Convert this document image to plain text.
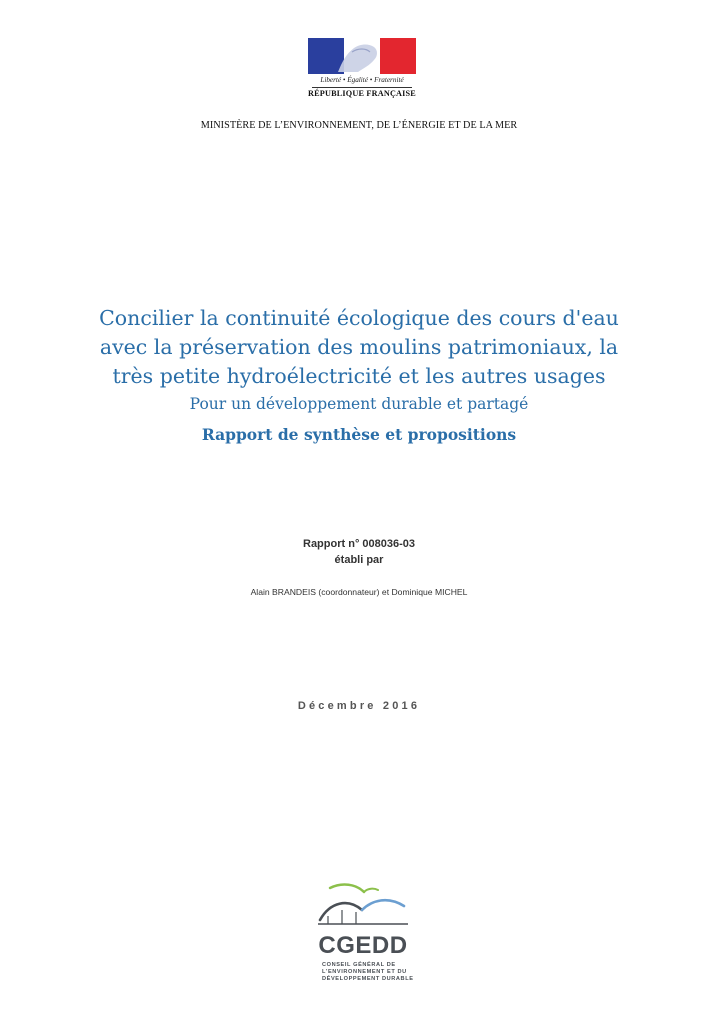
Liberté • Égalité • Fraternité
RÉPUBLIQUE FRANÇAISE
MINISTÈRE DE L’ENVIRONNEMENT, DE L’ÉNERGIE ET DE LA MER
Concilier la continuité écologique des cours d'eau
avec la préservation des moulins patrimoniaux, la
très petite hydroélectricité et les autres usages
Pour un développement durable et partagé
Rapport de synthèse et propositions
Rapport n° 008036-03
établi par
Alain BRANDEIS (coordonnateur) et Dominique MICHEL
Décembre 2016
CGEDD
CONSEIL GÉNÉRAL DE
L'ENVIRONNEMENT ET DU
DÉVELOPPEMENT DURABLE
